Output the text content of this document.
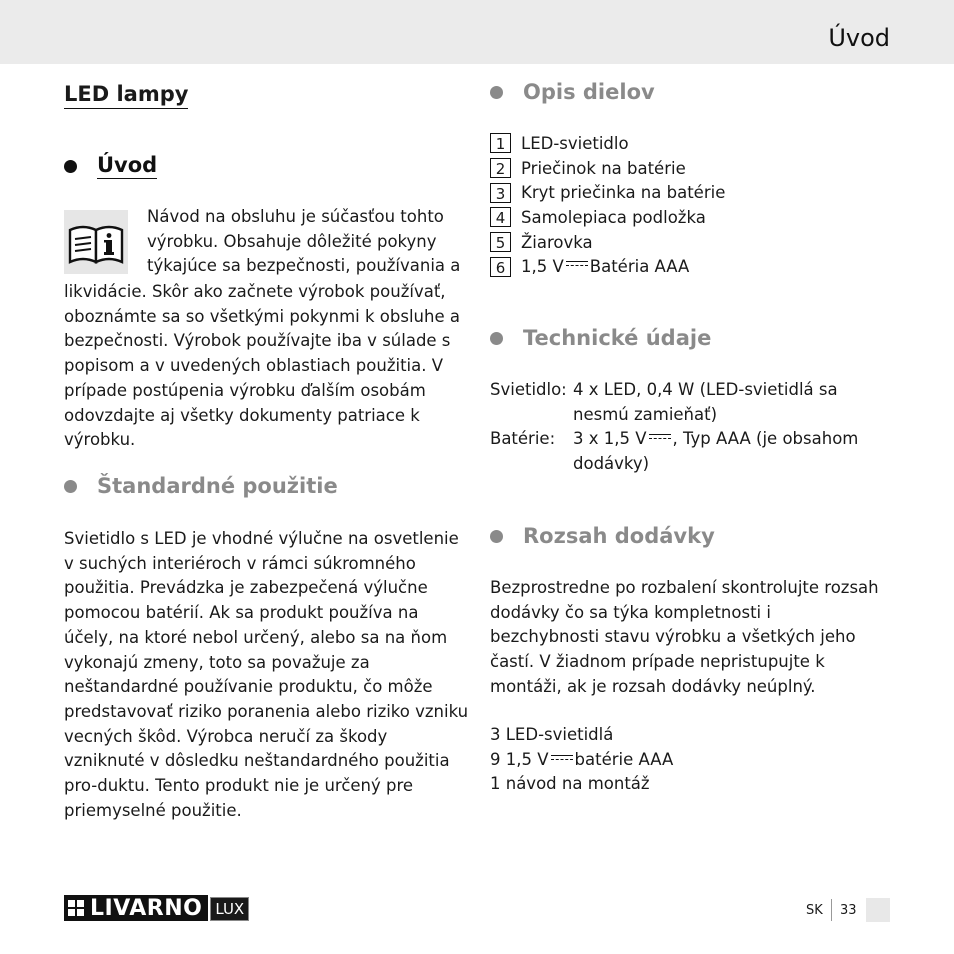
Úvod
LED lampy
Úvod
Návod na obsluhu je súčasťou tohto výrobku. Obsahuje dôležité pokyny týkajúce sa bezpečnosti, používania a
likvidácie. Skôr ako začnete výrobok používať, oboznámte sa so všetkými pokynmi k obsluhe a bezpečnosti. Výrobok používajte iba v súlade s popisom a v uvedených oblastiach použitia. V prípade postúpenia výrobku ďalším osobám odovzdajte aj všetky dokumenty patriace k výrobku.
Štandardné použitie
Svietidlo s LED je vhodné výlučne na osvetlenie v suchých interiéroch v rámci súkromného použitia. Prevádzka je zabezpečená výlučne pomocou batérií. Ak sa produkt používa na účely, na ktoré nebol určený, alebo sa na ňom vykonajú zmeny, toto sa považuje za neštandardné používanie produktu, čo môže predstavovať riziko poranenia alebo riziko vzniku vecných škôd. Výrobca neručí za škody vzniknuté v dôsledku neštandardného použitia pro-duktu. Tento produkt nie je určený pre priemyselné použitie.
Opis dielov
1 LED-svietidlo
2 Priečinok na batérie
3 Kryt priečinka na batérie
4 Samolepiaca podložka
5 Žiarovka
6 1,5 V Batéria AAA
Technické údaje
Svietidlo: 4 x LED, 0,4 W (LED-svietidlá sa nesmú zamieňať)
Batérie:	3 x 1,5 V , Typ AAA (je obsahom dodávky)
Rozsah dodávky
Bezprostredne po rozbalení skontrolujte rozsah dodávky čo sa týka kompletnosti i bezchybnosti stavu výrobku a všetkých jeho častí. V žiadnom prípade nepristupujte k montáži, ak je rozsah dodávky neúplný.
3 LED-svietidlá
9 1,5 V batérie AAA
1 návod na montáž
LIVARNO LUX	SK 33
